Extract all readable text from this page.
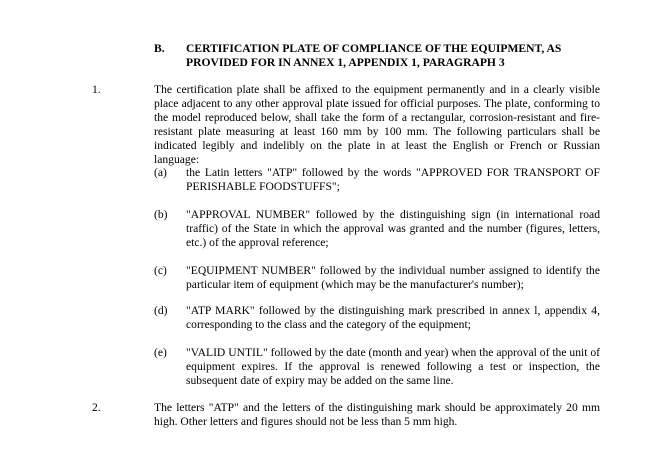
B. CERTIFICATION PLATE OF COMPLIANCE OF THE EQUIPMENT, AS PROVIDED FOR IN ANNEX 1, APPENDIX 1, PARAGRAPH 3
1.	The certification plate shall be affixed to the equipment permanently and in a clearly visible place adjacent to any other approval plate issued for official purposes. The plate, conforming to the model reproduced below, shall take the form of a rectangular, corrosion-resistant and fire-resistant plate measuring at least 160 mm by 100 mm. The following particulars shall be indicated legibly and indelibly on the plate in at least the English or French or Russian language:
(a) the Latin letters "ATP" followed by the words "APPROVED FOR TRANSPORT OF PERISHABLE FOODSTUFFS";
(b) "APPROVAL NUMBER" followed by the distinguishing sign (in international road traffic) of the State in which the approval was granted and the number (figures, letters, etc.) of the approval reference;
(c) "EQUIPMENT NUMBER" followed by the individual number assigned to identify the particular item of equipment (which may be the manufacturer's number);
(d) "ATP MARK" followed by the distinguishing mark prescribed in annex l, appendix 4, corresponding to the class and the category of the equipment;
(e) "VALID UNTIL" followed by the date (month and year) when the approval of the unit of equipment expires. If the approval is renewed following a test or inspection, the subsequent date of expiry may be added on the same line.
2.	The letters "ATP" and the letters of the distinguishing mark should be approximately 20 mm high. Other letters and figures should not be less than 5 mm high.
